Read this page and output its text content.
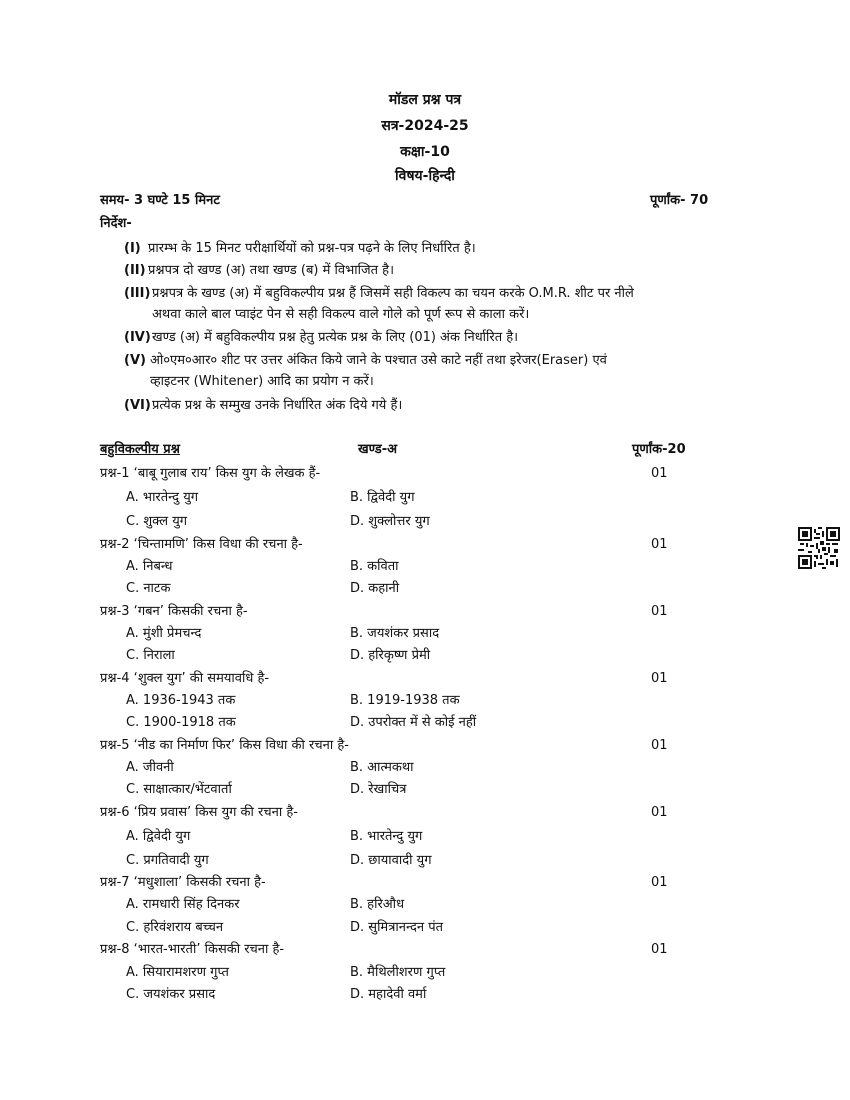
मॉडल प्रश्न पत्र
सत्र-2024-25
कक्षा-10
विषय-हिन्दी
समय- 3 घण्टे 15 मिनट	पूर्णांक- 70
निर्देश-
(I) प्रारम्भ के 15 मिनट परीक्षार्थियों को प्रश्न-पत्र पढ़ने के लिए निर्धारित है।
(II) प्रश्नपत्र दो खण्ड (अ) तथा खण्ड (ब) में विभाजित है।
(III) प्रश्नपत्र के खण्ड (अ) में बहुविकल्पीय प्रश्न हैं जिसमें सही विकल्प का चयन करके O.M.R. शीट पर नीले
अथवा काले बाल प्वाइंट पेन से सही विकल्प वाले गोले को पूर्ण रूप से काला करें।
(IV) खण्ड (अ) में बहुविकल्पीय प्रश्न हेतु प्रत्येक प्रश्न के लिए (01) अंक निर्धारित है।
(V) ओ०एम०आर० शीट पर उत्तर अंकित किये जाने के पश्चात उसे काटे नहीं तथा इरेजर(Eraser) एवं
व्हाइटनर (Whitener) आदि का प्रयोग न करें।
(VI) प्रत्येक प्रश्न के सम्मुख उनके निर्धारित अंक दिये गये हैं।
बहुविकल्पीय प्रश्न	खण्ड-अ	पूर्णांक-20
प्रश्न-1 ‘बाबू गुलाब राय’ किस युग के लेखक हैं-	01
A. भारतेन्दु युग	B. द्विवेदी युग
C. शुक्ल युग	D. शुक्लोत्तर युग
प्रश्न-2 ‘चिन्तामणि’ किस विधा की रचना है-	01
A. निबन्ध	B. कविता
C. नाटक	D. कहानी
प्रश्न-3 ‘गबन’ किसकी रचना है-	01
A. मुंशी प्रेमचन्द	B. जयशंकर प्रसाद
C. निराला	D. हरिकृष्ण प्रेमी
प्रश्न-4 ‘शुक्ल युग’ की समयावधि है-	01
A. 1936-1943 तक	B. 1919-1938 तक
C. 1900-1918 तक	D. उपरोक्त में से कोई नहीं
प्रश्न-5 ‘नीड का निर्माण फिर’ किस विधा की रचना है-	01
A. जीवनी	B. आत्मकथा
C. साक्षात्कार/भेंटवार्ता	D. रेखाचित्र
प्रश्न-6 ‘प्रिय प्रवास’ किस युग की रचना है-	01
A. द्विवेदी युग	B. भारतेन्दु युग
C. प्रगतिवादी युग	D. छायावादी युग
प्रश्न-7 ‘मधुशाला’ किसकी रचना है-	01
A. रामधारी सिंह दिनकर	B. हरिऔध
C. हरिवंशराय बच्चन	D. सुमित्रानन्दन पंत
प्रश्न-8 ‘भारत-भारती’ किसकी रचना है-	01
A. सियारामशरण गुप्त	B. मैथिलीशरण गुप्त
C. जयशंकर प्रसाद	D. महादेवी वर्मा
